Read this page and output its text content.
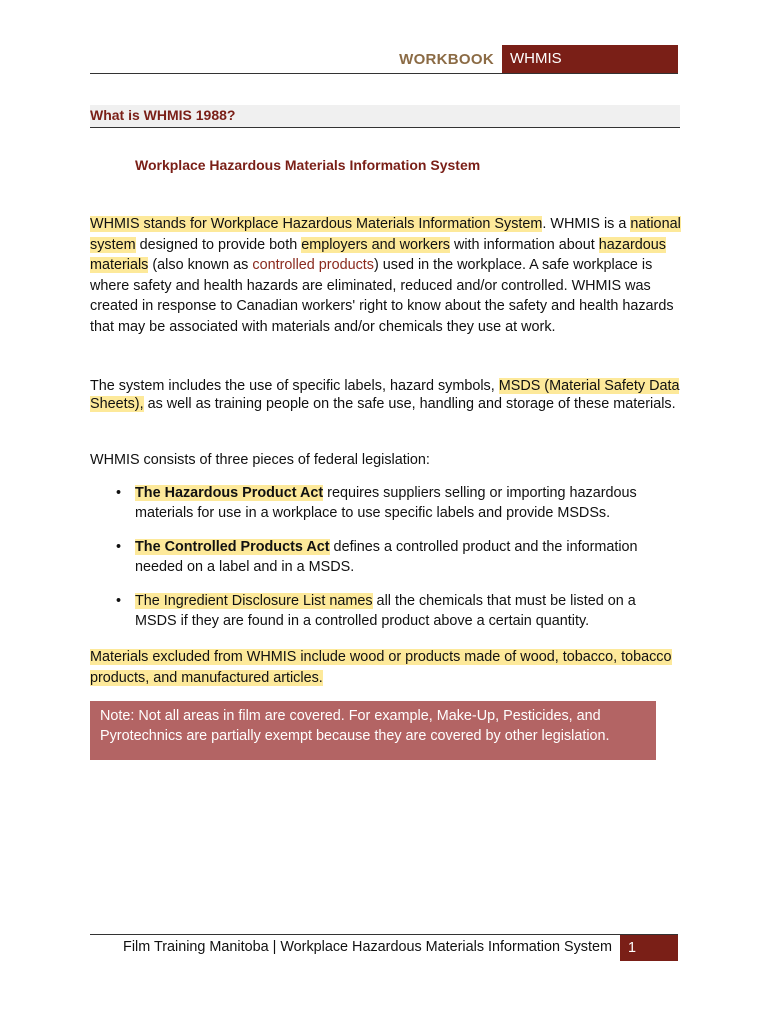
WORKBOOK	WHMIS
What is WHMIS 1988?
Workplace Hazardous Materials Information System
WHMIS stands for Workplace Hazardous Materials Information System. WHMIS is a national system designed to provide both employers and workers with information about hazardous materials (also known as controlled products) used in the workplace. A safe workplace is where safety and health hazards are eliminated, reduced and/or controlled. WHMIS was created in response to Canadian workers' right to know about the safety and health hazards that may be associated with materials and/or chemicals they use at work.
The system includes the use of specific labels, hazard symbols, MSDS (Material Safety Data Sheets), as well as training people on the safe use, handling and storage of these materials.
WHMIS consists of three pieces of federal legislation:
• The Hazardous Product Act requires suppliers selling or importing hazardous materials for use in a workplace to use specific labels and provide MSDSs.
• The Controlled Products Act defines a controlled product and the information needed on a label and in a MSDS.
• The Ingredient Disclosure List names all the chemicals that must be listed on a MSDS if they are found in a controlled product above a certain quantity.
Materials excluded from WHMIS include wood or products made of wood, tobacco, tobacco products, and manufactured articles.
Note: Not all areas in film are covered. For example, Make-Up, Pesticides, and Pyrotechnics are partially exempt because they are covered by other legislation.
Film Training Manitoba | Workplace Hazardous Materials Information System	1
